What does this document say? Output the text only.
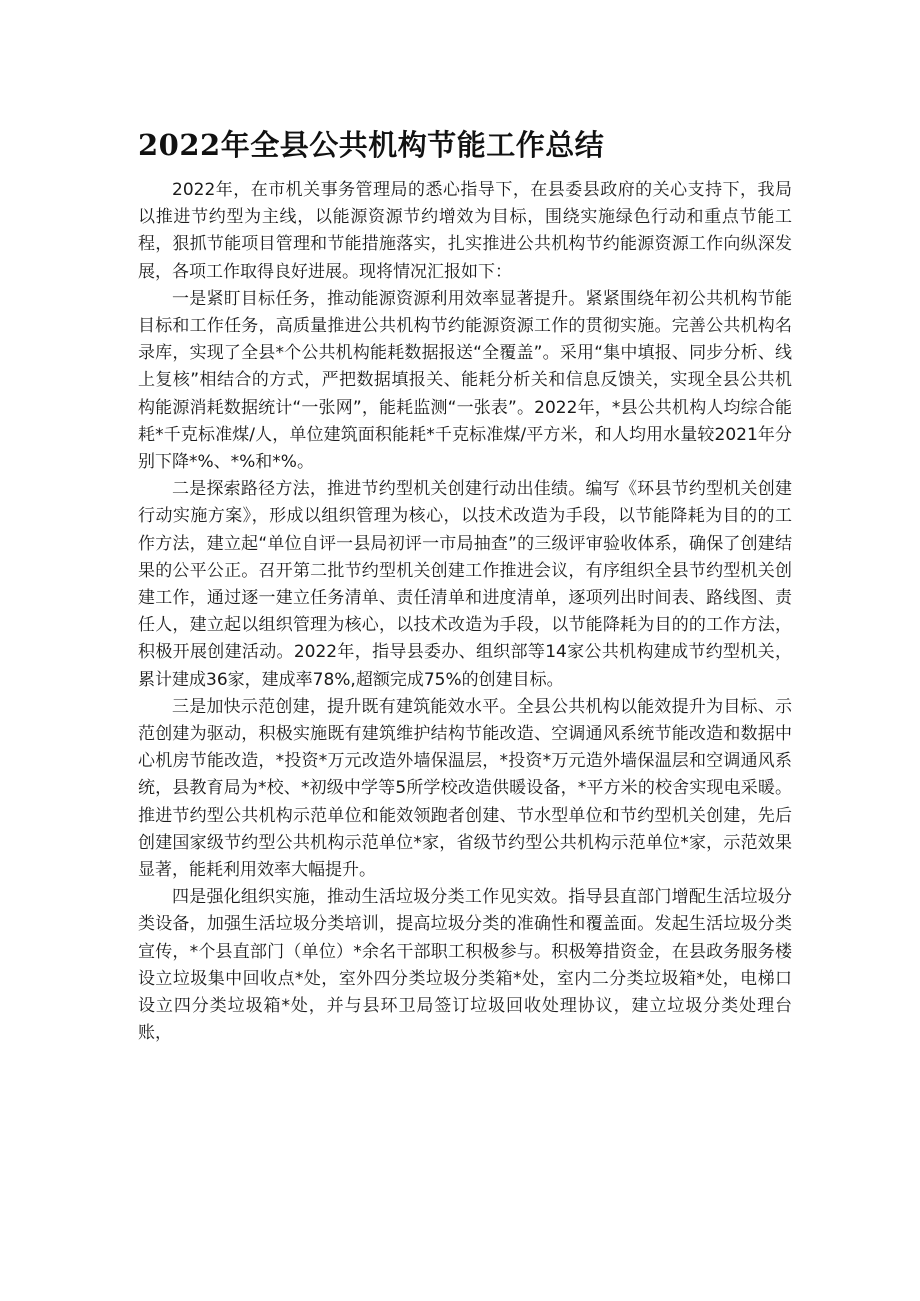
2022年全县公共机构节能工作总结

2022年，在市机关事务管理局的悉心指导下，在县委县政府的关心支持下，我局以推进节约型为主线，以能源资源节约增效为目标，围绕实施绿色行动和重点节能工程，狠抓节能项目管理和节能措施落实，扎实推进公共机构节约能源资源工作向纵深发展，各项工作取得良好进展。现将情况汇报如下：

一是紧盯目标任务，推动能源资源利用效率显著提升。紧紧围绕年初公共机构节能目标和工作任务，高质量推进公共机构节约能源资源工作的贯彻实施。完善公共机构名录库，实现了全县*个公共机构能耗数据报送“全覆盖”。采用“集中填报、同步分析、线上复核”相结合的方式，严把数据填报关、能耗分析关和信息反馈关，实现全县公共机构能源消耗数据统计“一张网”，能耗监测“一张表”。2022年，*县公共机构人均综合能耗*千克标准煤/人，单位建筑面积能耗*千克标准煤/平方米，和人均用水量较2021年分别下降*%、*%和*%。

二是探索路径方法，推进节约型机关创建行动出佳绩。编写《环县节约型机关创建行动实施方案》，形成以组织管理为核心，以技术改造为手段，以节能降耗为目的的工作方法，建立起“单位自评一县局初评一市局抽查”的三级评审验收体系，确保了创建结果的公平公正。召开第二批节约型机关创建工作推进会议，有序组织全县节约型机关创建工作，通过逐一建立任务清单、责任清单和进度清单，逐项列出时间表、路线图、责任人，建立起以组织管理为核心，以技术改造为手段，以节能降耗为目的的工作方法，积极开展创建活动。2022年，指导县委办、组织部等14家公共机构建成节约型机关，累计建成36家，建成率78%,超额完成75%的创建目标。

三是加快示范创建，提升既有建筑能效水平。全县公共机构以能效提升为目标、示范创建为驱动，积极实施既有建筑维护结构节能改造、空调通风系统节能改造和数据中心机房节能改造，*投资*万元改造外墙保温层，*投资*万元造外墙保温层和空调通风系统，县教育局为*校、*初级中学等5所学校改造供暖设备，*平方米的校舍实现电采暖。推进节约型公共机构示范单位和能效领跑者创建、节水型单位和节约型机关创建，先后创建国家级节约型公共机构示范单位*家，省级节约型公共机构示范单位*家，示范效果显著，能耗利用效率大幅提升。

四是强化组织实施，推动生活垃圾分类工作见实效。指导县直部门增配生活垃圾分类设备，加强生活垃圾分类培训，提高垃圾分类的准确性和覆盖面。发起生活垃圾分类宣传，*个县直部门（单位）*余名干部职工积极参与。积极筹措资金，在县政务服务楼设立垃圾集中回收点*处，室外四分类垃圾分类箱*处，室内二分类垃圾箱*处，电梯口设立四分类垃圾箱*处，并与县环卫局签订垃圾回收处理协议，建立垃圾分类处理台账，
